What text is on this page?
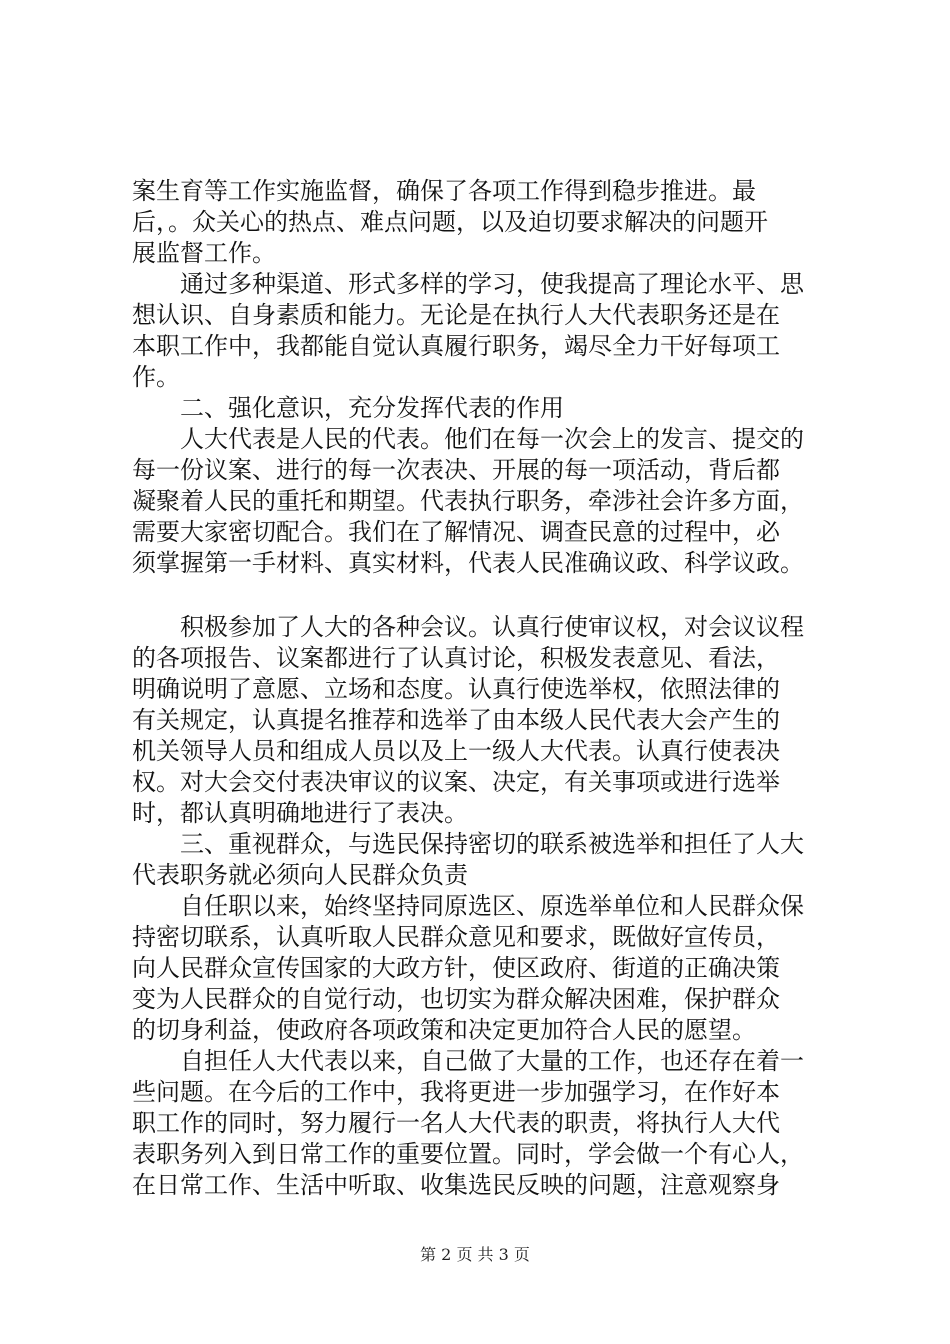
案生育等工作实施监督，确保了各项工作得到稳步推进。最
后，。众关心的热点、难点问题，以及迫切要求解决的问题开
展监督工作。
　　通过多种渠道、形式多样的学习，使我提高了理论水平、思
想认识、自身素质和能力。无论是在执行人大代表职务还是在
本职工作中，我都能自觉认真履行职务，竭尽全力干好每项工
作。
　　二、强化意识，充分发挥代表的作用
　　人大代表是人民的代表。他们在每一次会上的发言、提交的
每一份议案、进行的每一次表决、开展的每一项活动，背后都
凝聚着人民的重托和期望。代表执行职务，牵涉社会许多方面，
需要大家密切配合。我们在了解情况、调查民意的过程中，必
须掌握第一手材料、真实材料，代表人民准确议政、科学议政。
　　积极参加了人大的各种会议。认真行使审议权，对会议议程
的各项报告、议案都进行了认真讨论，积极发表意见、看法，
明确说明了意愿、立场和态度。认真行使选举权，依照法律的
有关规定，认真提名推荐和选举了由本级人民代表大会产生的
机关领导人员和组成人员以及上一级人大代表。认真行使表决
权。对大会交付表决审议的议案、决定，有关事项或进行选举
时，都认真明确地进行了表决。
　　三、重视群众，与选民保持密切的联系被选举和担任了人大
代表职务就必须向人民群众负责
　　自任职以来，始终坚持同原选区、原选举单位和人民群众保
持密切联系，认真听取人民群众意见和要求，既做好宣传员，
向人民群众宣传国家的大政方针，使区政府、街道的正确决策
变为人民群众的自觉行动，也切实为群众解决困难，保护群众
的切身利益，使政府各项政策和决定更加符合人民的愿望。
　　自担任人大代表以来，自己做了大量的工作，也还存在着一
些问题。在今后的工作中，我将更进一步加强学习，在作好本
职工作的同时，努力履行一名人大代表的职责，将执行人大代
表职务列入到日常工作的重要位置。同时，学会做一个有心人，
在日常工作、生活中听取、收集选民反映的问题，注意观察身
第 2 页 共 3 页
